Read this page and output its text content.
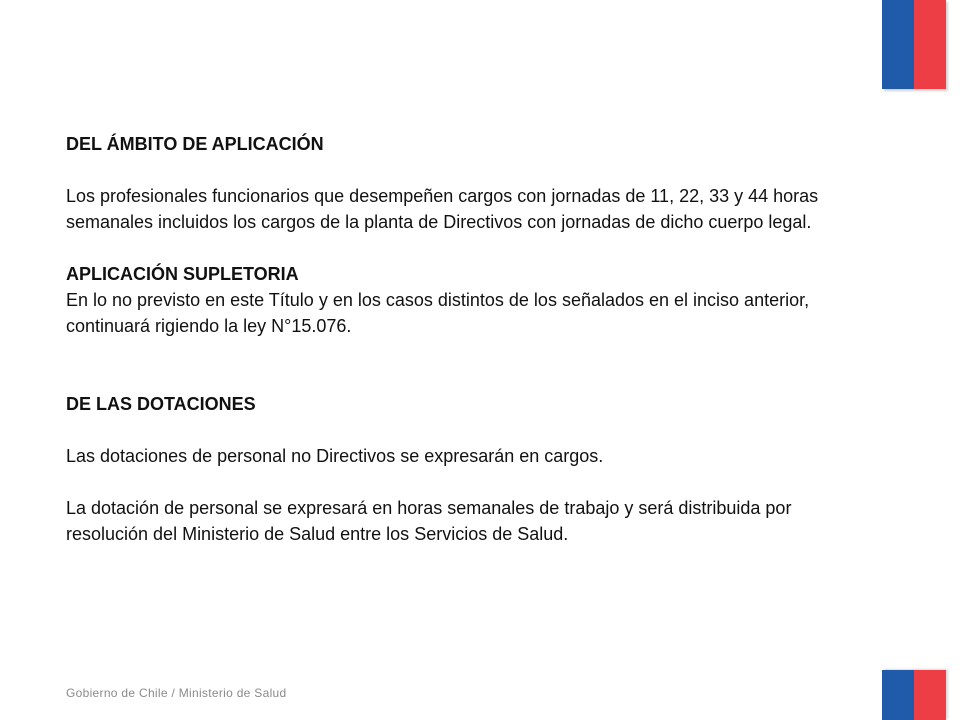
DEL ÁMBITO DE APLICACIÓN

Los profesionales funcionarios que desempeñen cargos con jornadas de 11, 22, 33 y 44 horas semanales incluidos los cargos de la planta de Directivos con jornadas de dicho cuerpo legal.

APLICACIÓN SUPLETORIA

En lo no previsto en este Título y en los casos distintos de los señalados en el inciso anterior, continuará rigiendo la ley N°15.076.

DE LAS DOTACIONES

Las dotaciones de personal no Directivos se expresarán en cargos.

La dotación de personal se expresará en horas semanales de trabajo y será distribuida por resolución del Ministerio de Salud entre los Servicios de Salud.

Gobierno de Chile / Ministerio de Salud
